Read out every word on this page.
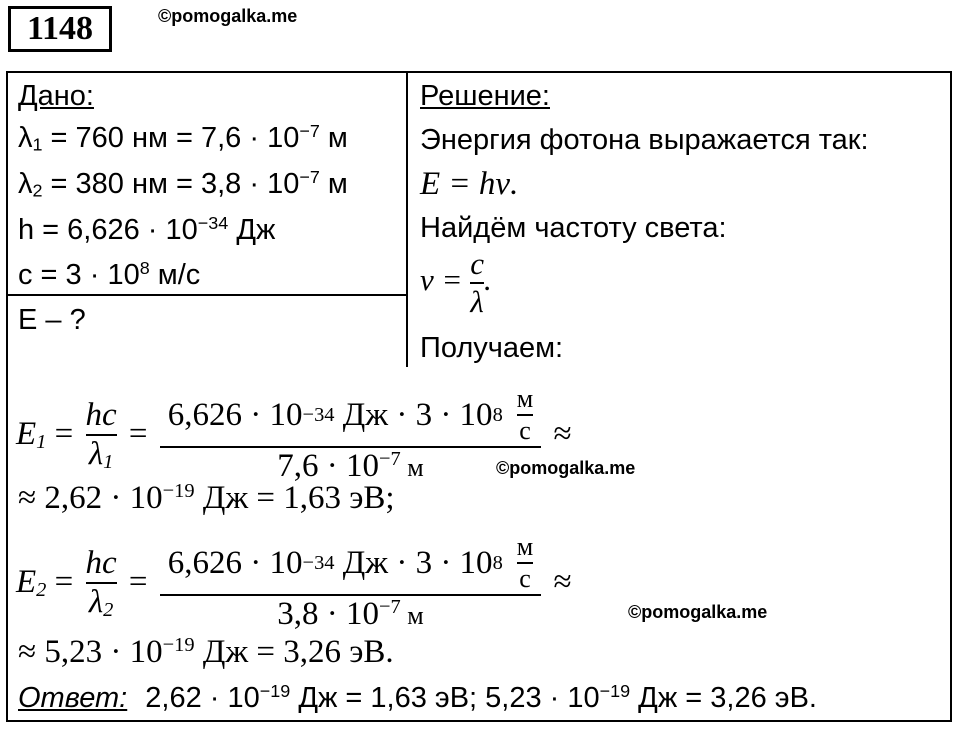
1148	©pomogalka.me
Дано:
$\lambda_1 = 760$ нм = $7,6 \cdot 10^{-7}$ м
$\lambda_2 = 380$ нм = $3,8 \cdot 10^{-7}$ м
$h = 6,626 \cdot 10^{-34}$ Дж
$c = 3 \cdot 10^8$ м/с
E – ?
Решение:
Энергия фотона выражается так:
E = hν.
Найдём частоту света:
$\nu = \frac{c}{\lambda}$ .
Получаем:
$E_1 = \frac{hc}{\lambda_1} = \frac{6,626 \cdot 10 -34 Дж \cdot 3 \cdot 10 8 \frac{м}{с}}{7,6 \cdot 10^{-7} м}$ ≈
©pomogalka.me
≈ $2,62 \cdot 10^{-19}$ Дж = 1,63 эВ;
$E_2 = \frac{hc}{\lambda_2} = \frac{6,626 \cdot 10 -34 Дж \cdot 3 \cdot 10 8 \frac{м}{с}}{3,8 \cdot 10^{-7} м}$ ≈
©pomogalka.me
≈ $5,23 \cdot 10^{-19}$ Дж = 3,26 эВ.
Ответ: $2,62 \cdot 10^{-19}$ Дж = 1,63 эВ; $5,23 \cdot 10^{-19}$ Дж = 3,26 эВ.
